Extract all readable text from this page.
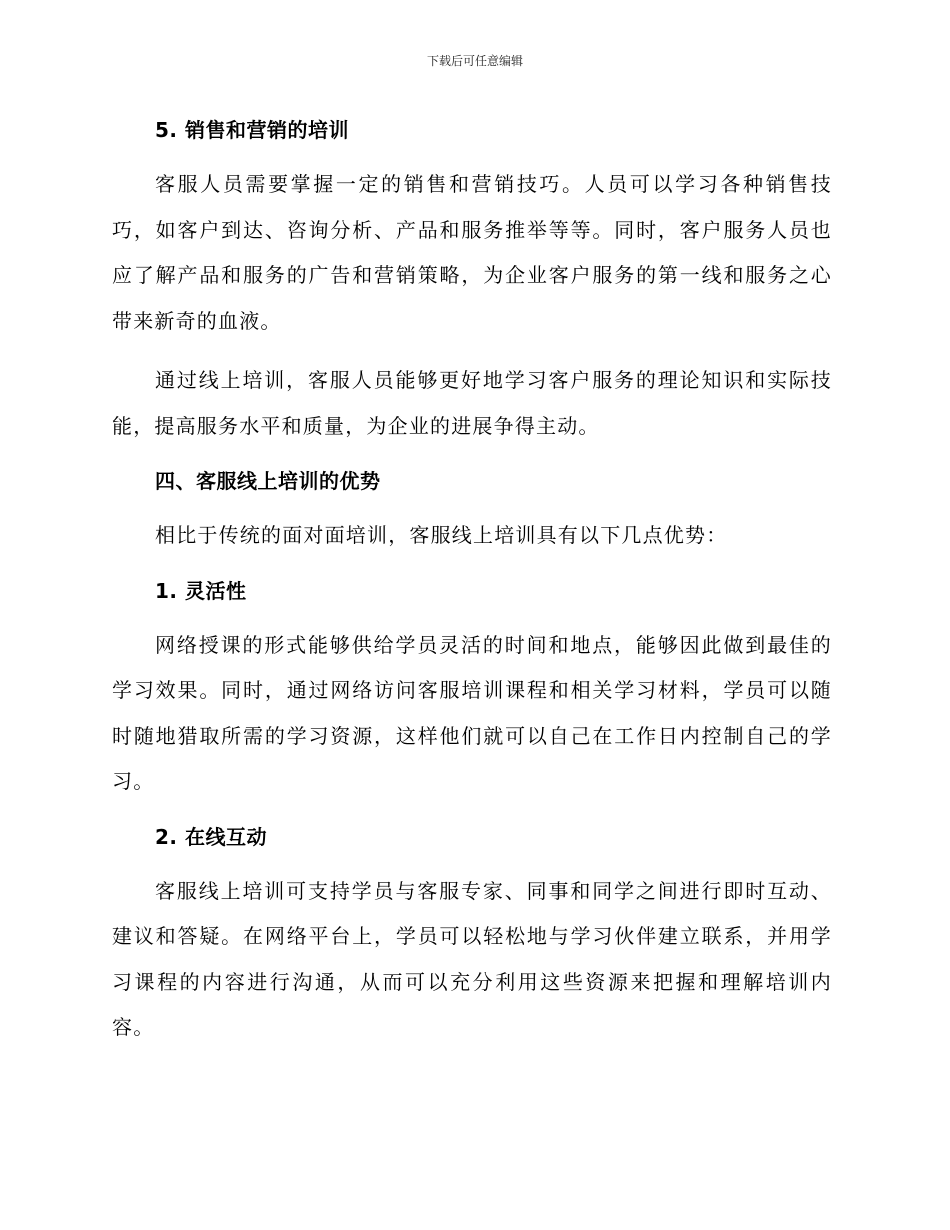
下载后可任意编辑
5. 销售和营销的培训

客服人员需要掌握一定的销售和营销技巧。人员可以学习各种销售技巧，如客户到达、咨询分析、产品和服务推举等等。同时，客户服务人员也应了解产品和服务的广告和营销策略，为企业客户服务的第一线和服务之心带来新奇的血液。

通过线上培训，客服人员能够更好地学习客户服务的理论知识和实际技能，提高服务水平和质量，为企业的进展争得主动。

四、客服线上培训的优势

相比于传统的面对面培训，客服线上培训具有以下几点优势：

1. 灵活性

网络授课的形式能够供给学员灵活的时间和地点，能够因此做到最佳的学习效果。同时，通过网络访问客服培训课程和相关学习材料，学员可以随时随地猎取所需的学习资源，这样他们就可以自己在工作日内控制自己的学习。

2. 在线互动

客服线上培训可支持学员与客服专家、同事和同学之间进行即时互动、建议和答疑。在网络平台上，学员可以轻松地与学习伙伴建立联系，并用学习课程的内容进行沟通，从而可以充分利用这些资源来把握和理解培训内容。
